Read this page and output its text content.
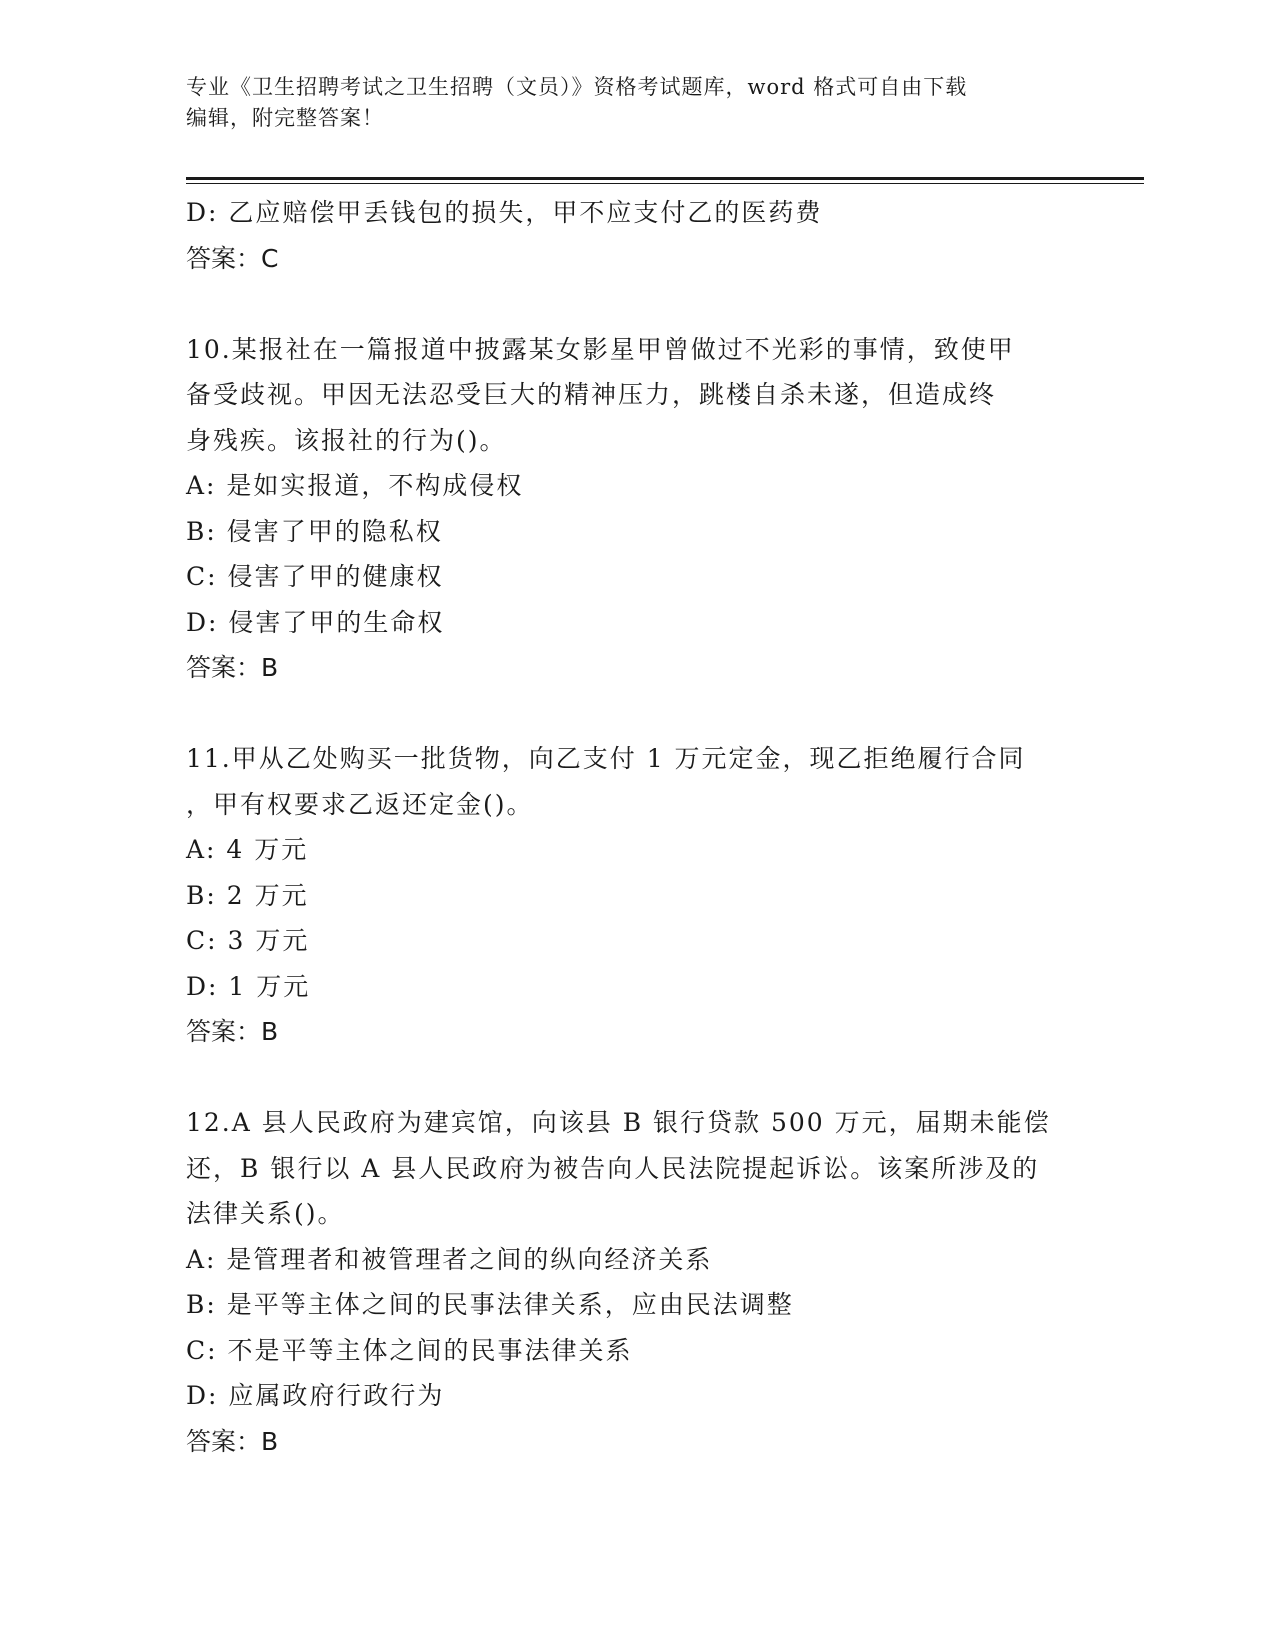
专业《卫生招聘考试之卫生招聘（文员）》资格考试题库，word 格式可自由下载
编辑，附完整答案！
D: 乙应赔偿甲丢钱包的损失，甲不应支付乙的医药费
答案：C
10.某报社在一篇报道中披露某女影星甲曾做过不光彩的事情，致使甲
备受歧视。甲因无法忍受巨大的精神压力，跳楼自杀未遂，但造成终
身残疾。该报社的行为()。
A: 是如实报道，不构成侵权
B: 侵害了甲的隐私权
C: 侵害了甲的健康权
D: 侵害了甲的生命权
答案：B
11.甲从乙处购买一批货物，向乙支付 1 万元定金，现乙拒绝履行合同
，甲有权要求乙返还定金()。
A: 4 万元
B: 2 万元
C: 3 万元
D: 1 万元
答案：B
12.A 县人民政府为建宾馆，向该县 B 银行贷款 500 万元，届期未能偿
还，B 银行以 A 县人民政府为被告向人民法院提起诉讼。该案所涉及的
法律关系()。
A: 是管理者和被管理者之间的纵向经济关系
B: 是平等主体之间的民事法律关系，应由民法调整
C: 不是平等主体之间的民事法律关系
D: 应属政府行政行为
答案：B
